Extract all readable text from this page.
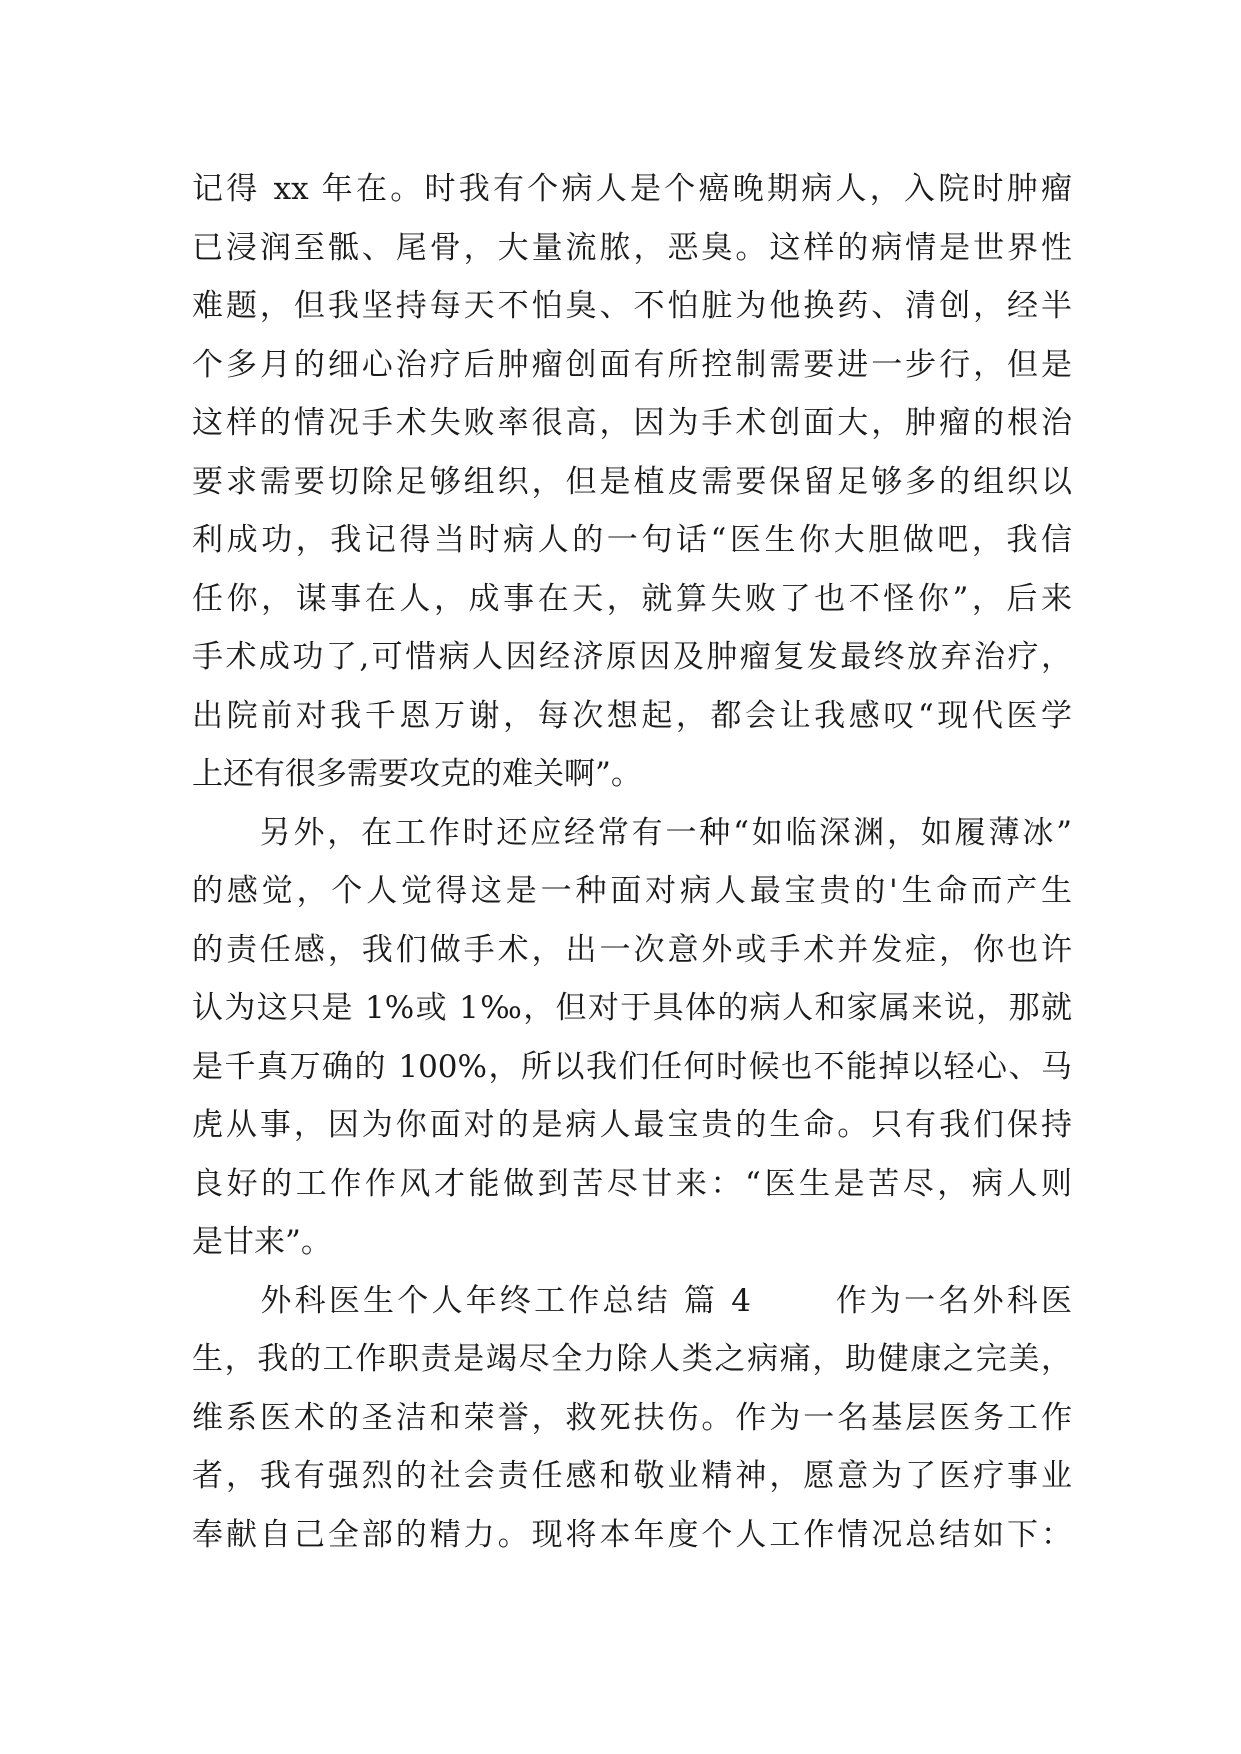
记得 xx 年在。时我有个病人是个癌晚期病人，入院时肿瘤
已浸润至骶、尾骨，大量流脓，恶臭。这样的病情是世界性
难题，但我坚持每天不怕臭、不怕脏为他换药、清创，经半
个多月的细心治疗后肿瘤创面有所控制需要进一步行，但是
这样的情况手术失败率很高，因为手术创面大，肿瘤的根治
要求需要切除足够组织，但是植皮需要保留足够多的组织以
利成功，我记得当时病人的一句话“医生你大胆做吧，我信
任你，谋事在人，成事在天，就算失败了也不怪你”，后来
手术成功了,可惜病人因经济原因及肿瘤复发最终放弃治疗，
出院前对我千恩万谢，每次想起，都会让我感叹“现代医学
上还有很多需要攻克的难关啊”。
　　另外，在工作时还应经常有一种“如临深渊，如履薄冰”
的感觉，个人觉得这是一种面对病人最宝贵的'生命而产生
的责任感，我们做手术，出一次意外或手术并发症，你也许
认为这只是 1%或 1‰，但对于具体的病人和家属来说，那就
是千真万确的 100%，所以我们任何时候也不能掉以轻心、马
虎从事，因为你面对的是病人最宝贵的生命。只有我们保持
良好的工作作风才能做到苦尽甘来：“医生是苦尽，病人则
是甘来”。
　　外科医生个人年终工作总结 篇 4　　 作为一名外科医
生，我的工作职责是竭尽全力除人类之病痛，助健康之完美，
维系医术的圣洁和荣誉，救死扶伤。作为一名基层医务工作
者，我有强烈的社会责任感和敬业精神，愿意为了医疗事业
奉献自己全部的精力。现将本年度个人工作情况总结如下：
